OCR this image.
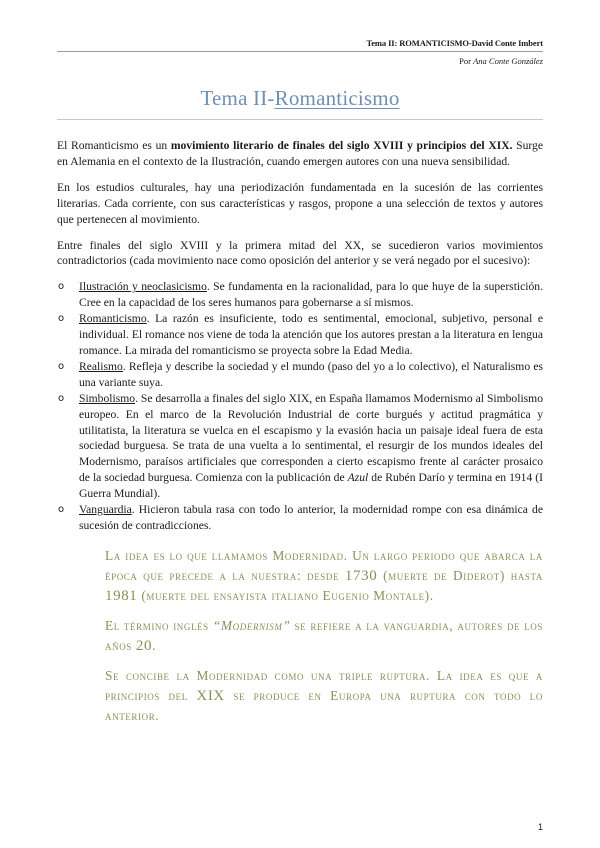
Tema II: ROMANTICISMO-David Conte Imbert
Por Ana Conte González
Tema II-Romanticismo

El Romanticismo es un movimiento literario de finales del siglo XVIII y principios del XIX. Surge en Alemania en el contexto de la Ilustración, cuando emergen autores con una nueva sensibilidad.

En los estudios culturales, hay una periodización fundamentada en la sucesión de las corrientes literarias. Cada corriente, con sus características y rasgos, propone a una selección de textos y autores que pertenecen al movimiento.

Entre finales del siglo XVIII y la primera mitad del XX, se sucedieron varios movimientos contradictorios (cada movimiento nace como oposición del anterior y se verá negado por el sucesivo):

o Ilustración y neoclasicismo. Se fundamenta en la racionalidad, para lo que huye de la superstición. Cree en la capacidad de los seres humanos para gobernarse a sí mismos.
o Romanticismo. La razón es insuficiente, todo es sentimental, emocional, subjetivo, personal e individual. El romance nos viene de toda la atención que los autores prestan a la literatura en lengua romance. La mirada del romanticismo se proyecta sobre la Edad Media.
o Realismo. Refleja y describe la sociedad y el mundo (paso del yo a lo colectivo), el Naturalismo es una variante suya.
o Simbolismo. Se desarrolla a finales del siglo XIX, en España llamamos Modernismo al Simbolismo europeo. En el marco de la Revolución Industrial de corte burgués y actitud pragmática y utilitatista, la literatura se vuelca en el escapismo y la evasión hacia un paisaje ideal fuera de esta sociedad burguesa. Se trata de una vuelta a lo sentimental, el resurgir de los mundos ideales del Modernismo, paraísos artificiales que corresponden a cierto escapismo frente al carácter prosaico de la sociedad burguesa. Comienza con la publicación de Azul de Rubén Darío y termina en 1914 (I Guerra Mundial).
o Vanguardia. Hicieron tabula rasa con todo lo anterior, la modernidad rompe con esa dinámica de sucesión de contradicciones.

La idea es lo que llamamos Modernidad. Un largo periodo que abarca la época que precede a la nuestra: desde 1730 (muerte de Diderot) hasta 1981 (muerte del ensayista italiano Eugenio Montale).

El término inglés “Modernism” se refiere a la vanguardia, autores de los años 20.

Se concibe la Modernidad como una triple ruptura. La idea es que a principios del XIX se produce en Europa una ruptura con todo lo anterior.

1
